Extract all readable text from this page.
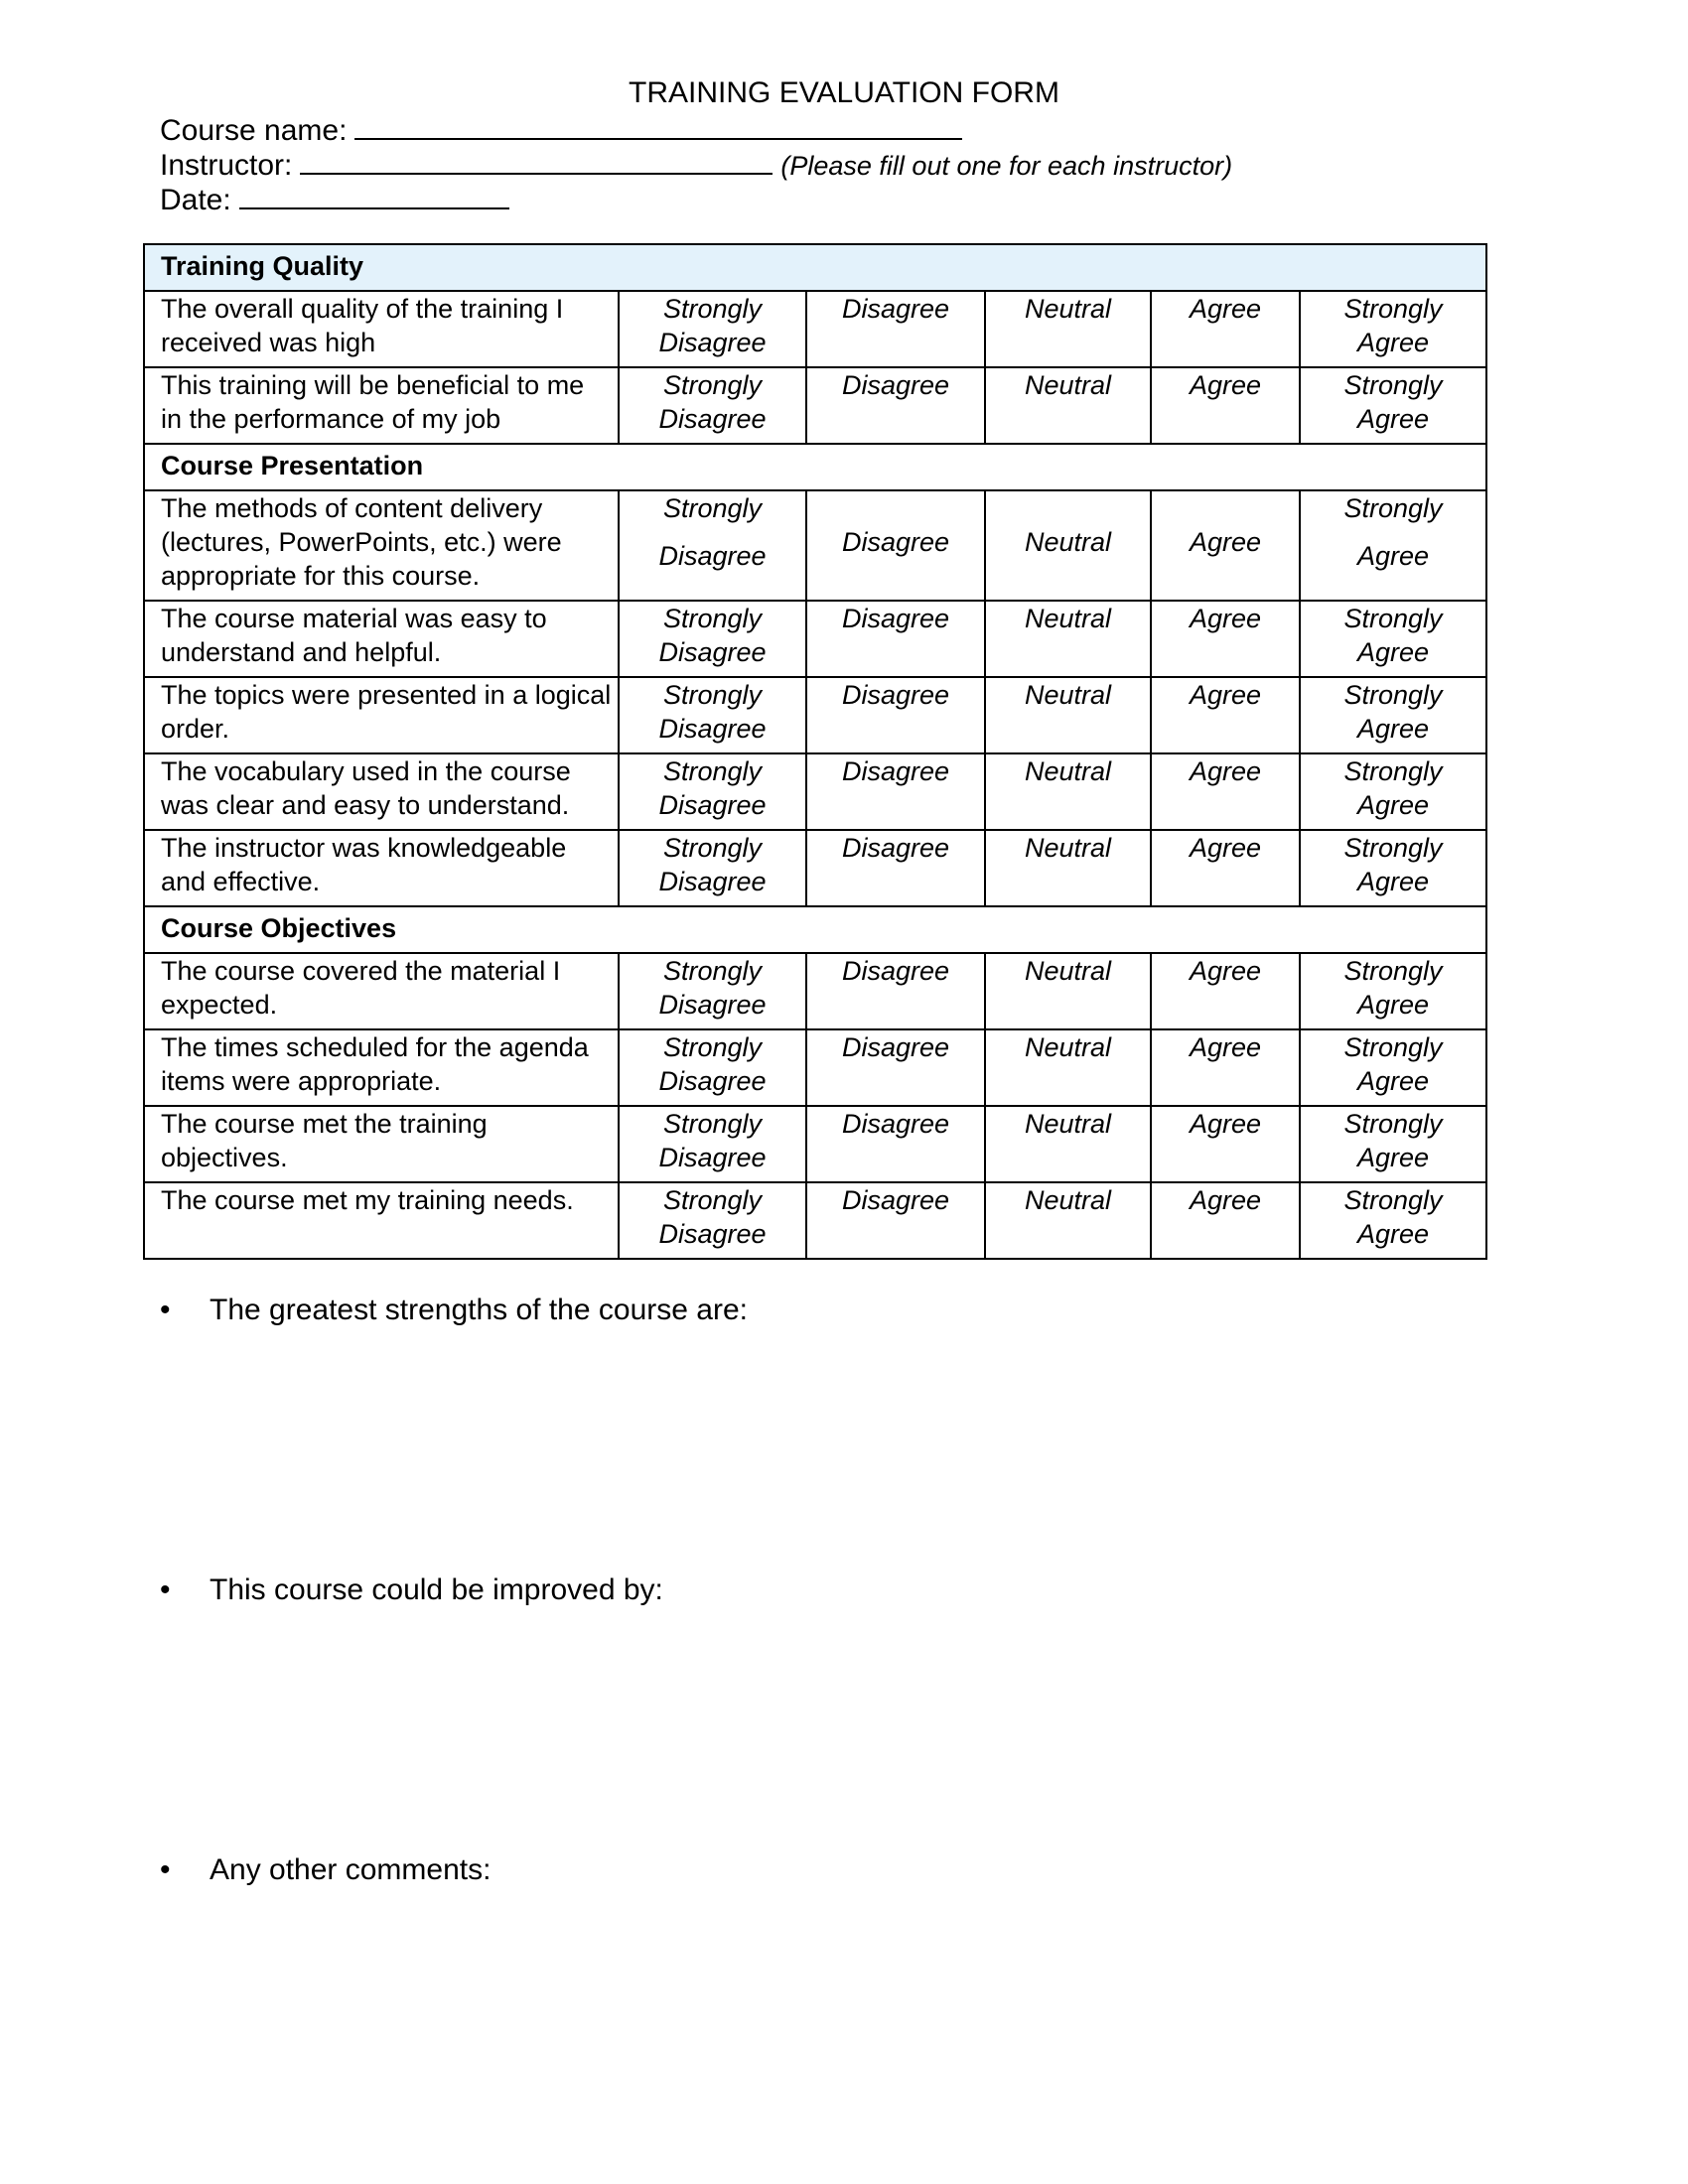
TRAINING EVALUATION FORM
Course name:
Instructor:	(Please fill out one for each instructor)
Date:
Training Quality					
The overall quality of the training I received was high	Strongly
Disagree	Disagree	Neutral	Agree	Strongly
Agree

This training will be beneficial to me in the performance of my job	Strongly
Disagree	Disagree	Neutral	Agree	Strongly
Agree

Course Presentation					
The methods of content delivery (lectures, PowerPoints, etc.) were appropriate for this course.	Strongly
Disagree	Disagree	Neutral	Agree	Strongly
Agree

The course material was easy to understand and helpful.	Strongly
Disagree	Disagree	Neutral	Agree	Strongly
Agree

The topics were presented in a logical order.	Strongly
Disagree	Disagree	Neutral	Agree	Strongly
Agree

The vocabulary used in the course was clear and easy to understand.	Strongly
Disagree	Disagree	Neutral	Agree	Strongly
Agree

The instructor was knowledgeable and effective.	Strongly
Disagree	Disagree	Neutral	Agree	Strongly
Agree

Course Objectives					
The course covered the material I expected.	Strongly
Disagree	Disagree	Neutral	Agree	Strongly
Agree

The times scheduled for the agenda items were appropriate.	Strongly
Disagree	Disagree	Neutral	Agree	Strongly
Agree

The course met the training objectives.	Strongly
Disagree	Disagree	Neutral	Agree	Strongly
Agree

The course met my training needs.	Strongly
Disagree	Disagree	Neutral	Agree	Strongly
Agree
• The greatest strengths of the course are:
• This course could be improved by:
• Any other comments:
